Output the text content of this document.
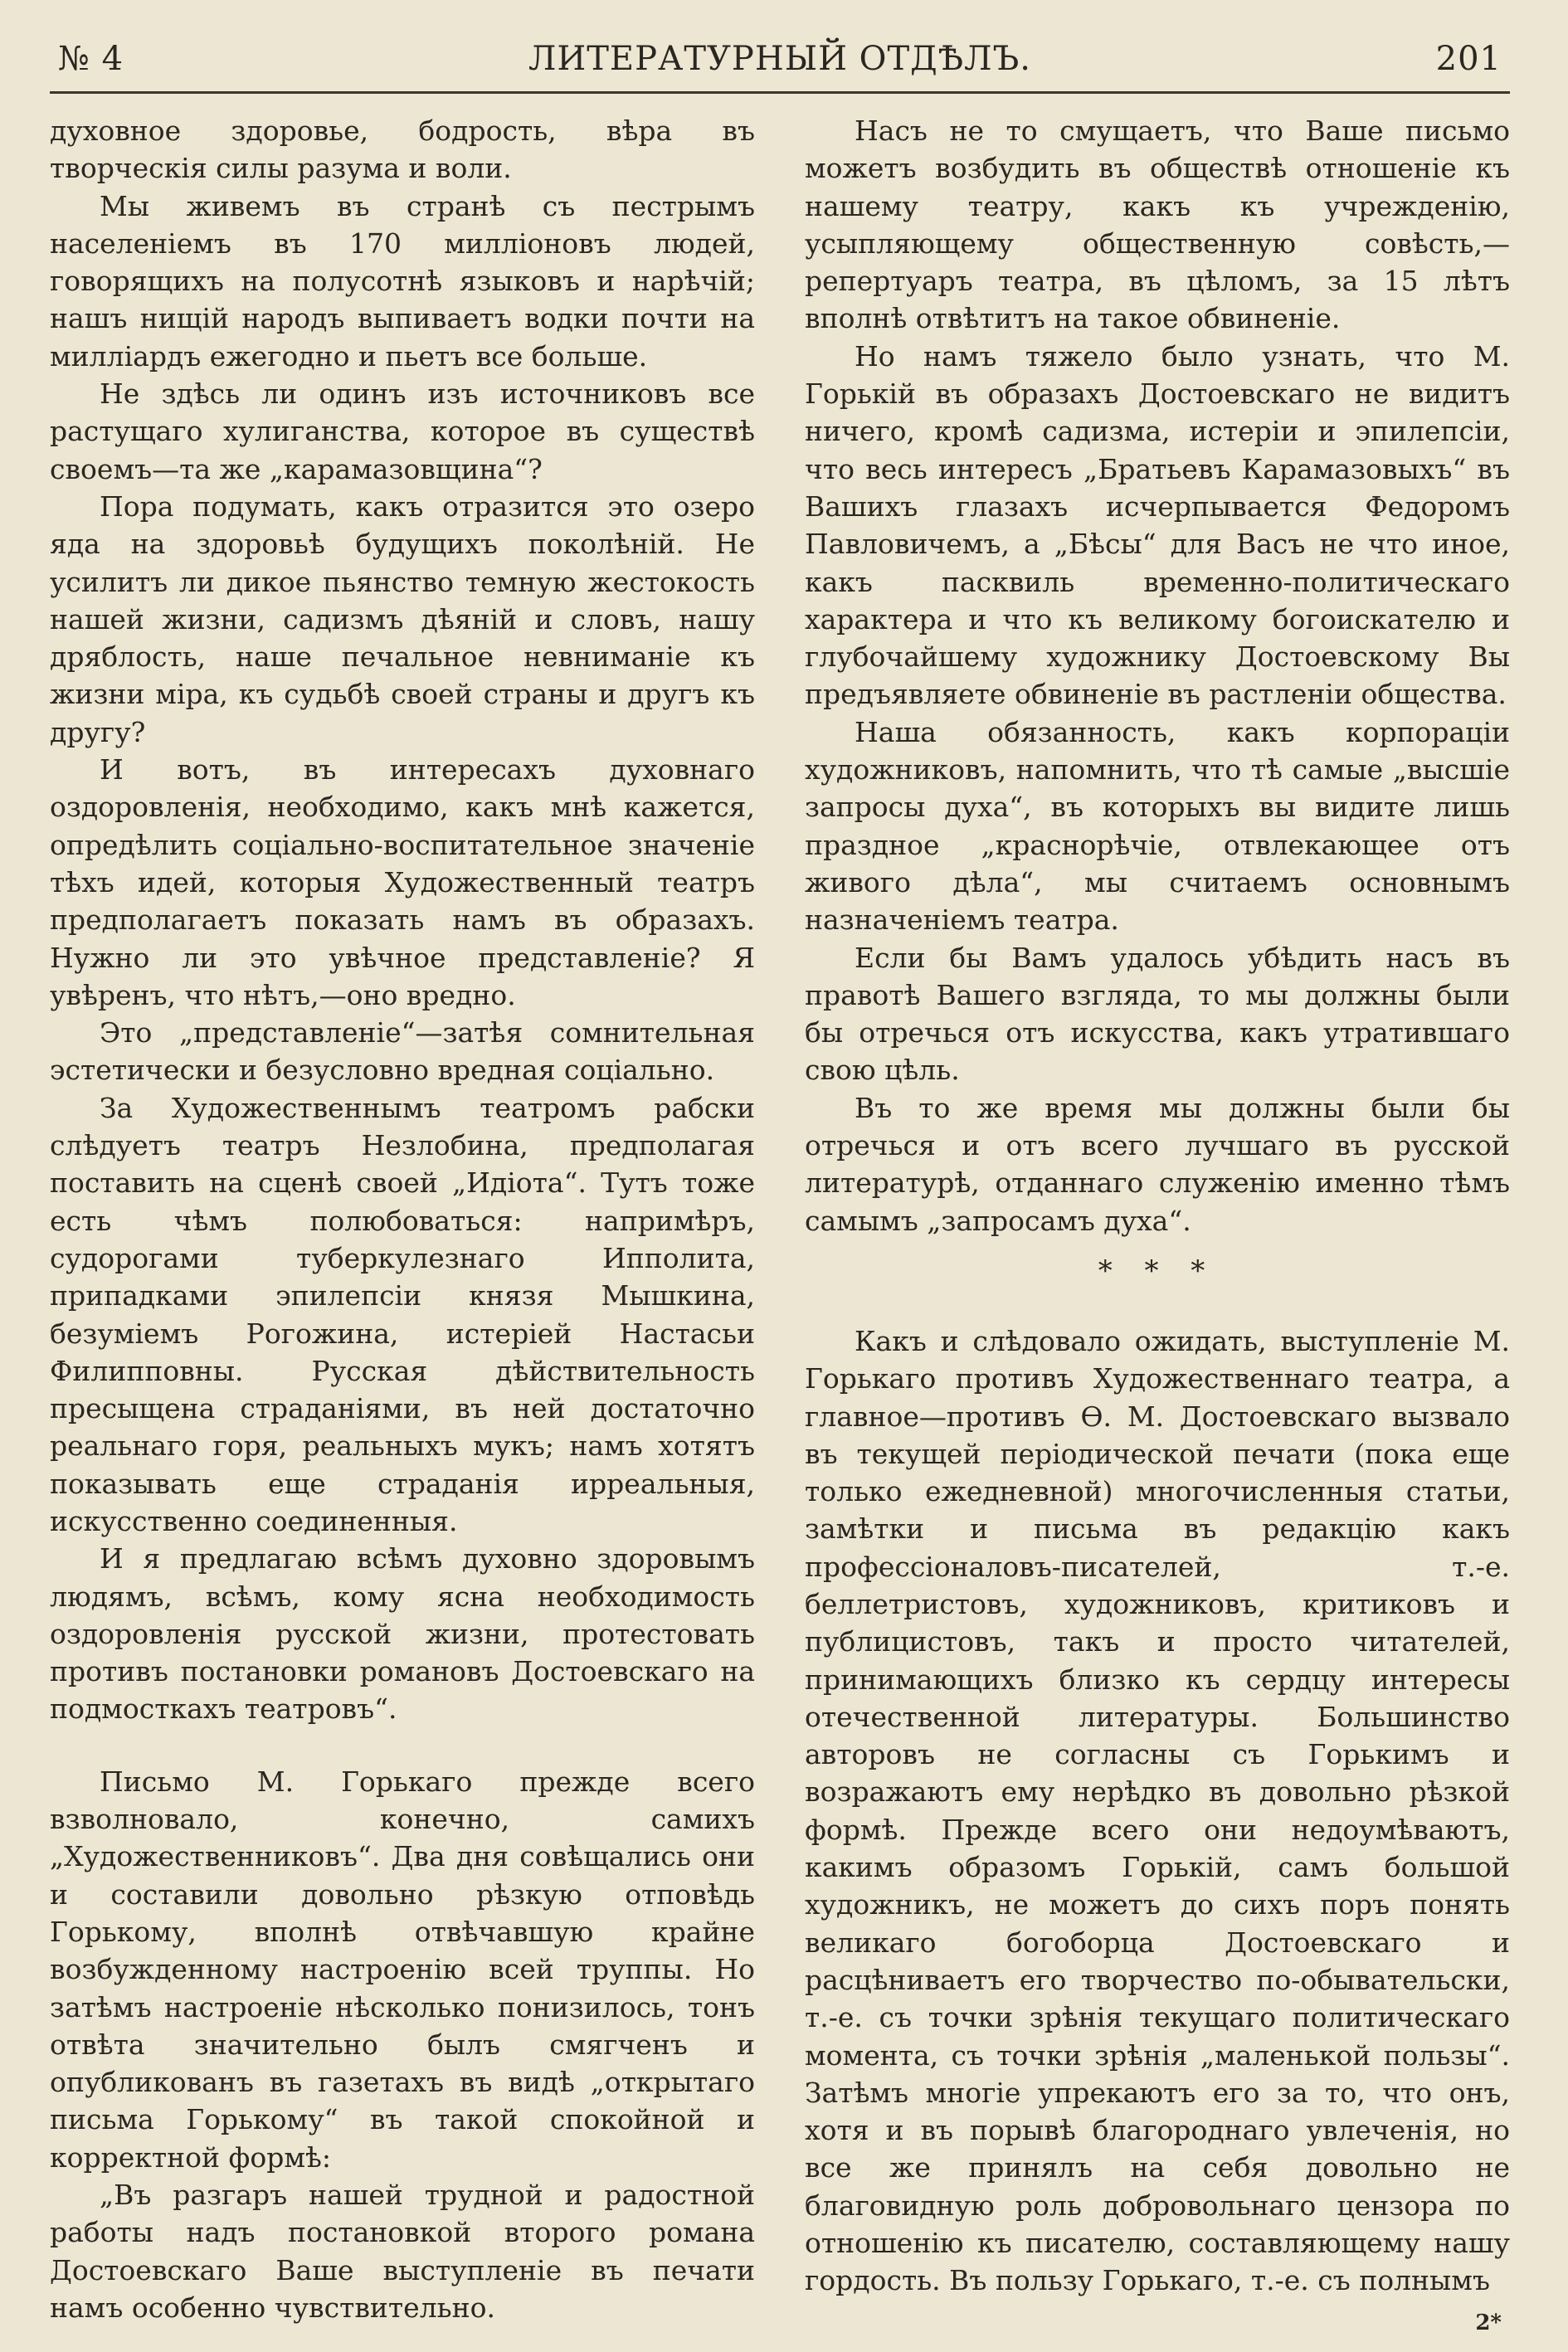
№ 4	ЛИТЕРАТУРНЫЙ ОТДѢЛЪ.	201

духовное здоровье, бодрость, вѣра въ творческія силы разума и воли.

Мы живемъ въ странѣ съ пестрымъ населеніемъ въ 170 милліоновъ людей, говорящихъ на полусотнѣ языковъ и нарѣчій; нашъ нищій народъ выпиваетъ водки почти на милліардъ ежегодно и пьетъ все больше.

Не здѣсь ли одинъ изъ источниковъ все растущаго хулиганства, которое въ существѣ своемъ—та же „карамазовщина“?

Пора подумать, какъ отразится это озеро яда на здоровьѣ будущихъ поколѣній. Не усилитъ ли дикое пьянство темную жестокость нашей жизни, садизмъ дѣяній и словъ, нашу дряблость, наше печальное невниманіе къ жизни міра, къ судьбѣ своей страны и другъ къ другу?

И вотъ, въ интересахъ духовнаго оздоровленія, необходимо, какъ мнѣ кажется, опредѣлить соціально-воспитательное значеніе тѣхъ идей, которыя Художественный театръ предполагаетъ показать намъ въ образахъ. Нужно ли это увѣчное представленіе? Я увѣренъ, что нѣтъ,—оно вредно.

Это „представленіе“—затѣя сомнительная эстетически и безусловно вредная соціально.

За Художественнымъ театромъ рабски слѣдуетъ театръ Незлобина, предполагая поставить на сценѣ своей „Идіота“. Тутъ тоже есть чѣмъ полюбоваться: напримѣръ, судорогами туберкулезнаго Ипполита, припадками эпилепсіи князя Мышкина, безуміемъ Рогожина, истеріей Настасьи Филипповны. Русская дѣйствительность пресыщена страданіями, въ ней достаточно реальнаго горя, реальныхъ мукъ; намъ хотятъ показывать еще страданія ирреальныя, искусственно соединенныя.

И я предлагаю всѣмъ духовно здоровымъ людямъ, всѣмъ, кому ясна необходимость оздоровленія русской жизни, протестовать противъ постановки романовъ Достоевскаго на подмосткахъ театровъ“.

Письмо М. Горькаго прежде всего взволновало, конечно, самихъ „Художественниковъ“. Два дня совѣщались они и составили довольно рѣзкую отповѣдь Горькому, вполнѣ отвѣчавшую крайне возбужденному настроенію всей труппы. Но затѣмъ настроеніе нѣсколько понизилось, тонъ отвѣта значительно былъ смягченъ и опубликованъ въ газетахъ въ видѣ „открытаго письма Горькому“ въ такой спокойной и корректной формѣ:

„Въ разгаръ нашей трудной и радостной работы надъ постановкой второго романа Достоевскаго Ваше выступленіе въ печати намъ особенно чувствительно.

Насъ не то смущаетъ, что Ваше письмо можетъ возбудить въ обществѣ отношеніе къ нашему театру, какъ къ учрежденію, усыпляющему общественную совѣсть,—репертуаръ театра, въ цѣломъ, за 15 лѣтъ вполнѣ отвѣтитъ на такое обвиненіе.

Но намъ тяжело было узнать, что М. Горькій въ образахъ Достоевскаго не видитъ ничего, кромѣ садизма, истеріи и эпилепсіи, что весь интересъ „Братьевъ Карамазовыхъ“ въ Вашихъ глазахъ исчерпывается Федоромъ Павловичемъ, а „Бѣсы“ для Васъ не что иное, какъ пасквиль временно-политическаго характера и что къ великому богоискателю и глубочайшему художнику Достоевскому Вы предъявляете обвиненіе въ растленіи общества.

Наша обязанность, какъ корпораціи художниковъ, напомнить, что тѣ самые „высшіе запросы духа“, въ которыхъ вы видите лишь праздное „краснорѣчіе, отвлекающее отъ живого дѣла“, мы считаемъ основнымъ назначеніемъ театра.

Если бы Вамъ удалось убѣдить насъ въ правотѣ Вашего взгляда, то мы должны были бы отречься отъ искусства, какъ утратившаго свою цѣль.

Въ то же время мы должны были бы отречься и отъ всего лучшаго въ русской литературѣ, отданнаго служенію именно тѣмъ самымъ „запросамъ духа“.

* * *

Какъ и слѣдовало ожидать, выступленіе М. Горькаго противъ Художественнаго театра, а главное—противъ Ѳ. М. Достоевскаго вызвало въ текущей періодической печати (пока еще только ежедневной) многочисленныя статьи, замѣтки и письма въ редакцію какъ профессіоналовъ-писателей, т.-е. беллетристовъ, художниковъ, критиковъ и публицистовъ, такъ и просто читателей, принимающихъ близко къ сердцу интересы отечественной литературы. Большинство авторовъ не согласны съ Горькимъ и возражаютъ ему нерѣдко въ довольно рѣзкой формѣ. Прежде всего они недоумѣваютъ, какимъ образомъ Горькій, самъ большой художникъ, не можетъ до сихъ поръ понять великаго богоборца Достоевскаго и расцѣниваетъ его творчество по-обывательски, т.-е. съ точки зрѣнія текущаго политическаго момента, съ точки зрѣнія „маленькой пользы“. Затѣмъ многіе упрекаютъ его за то, что онъ, хотя и въ порывѣ благороднаго увлеченія, но все же принялъ на себя довольно не благовидную роль добровольнаго цензора по отношенію къ писателю, составляющему нашу гордость. Въ пользу Горькаго, т.-е. съ полнымъ

2*
